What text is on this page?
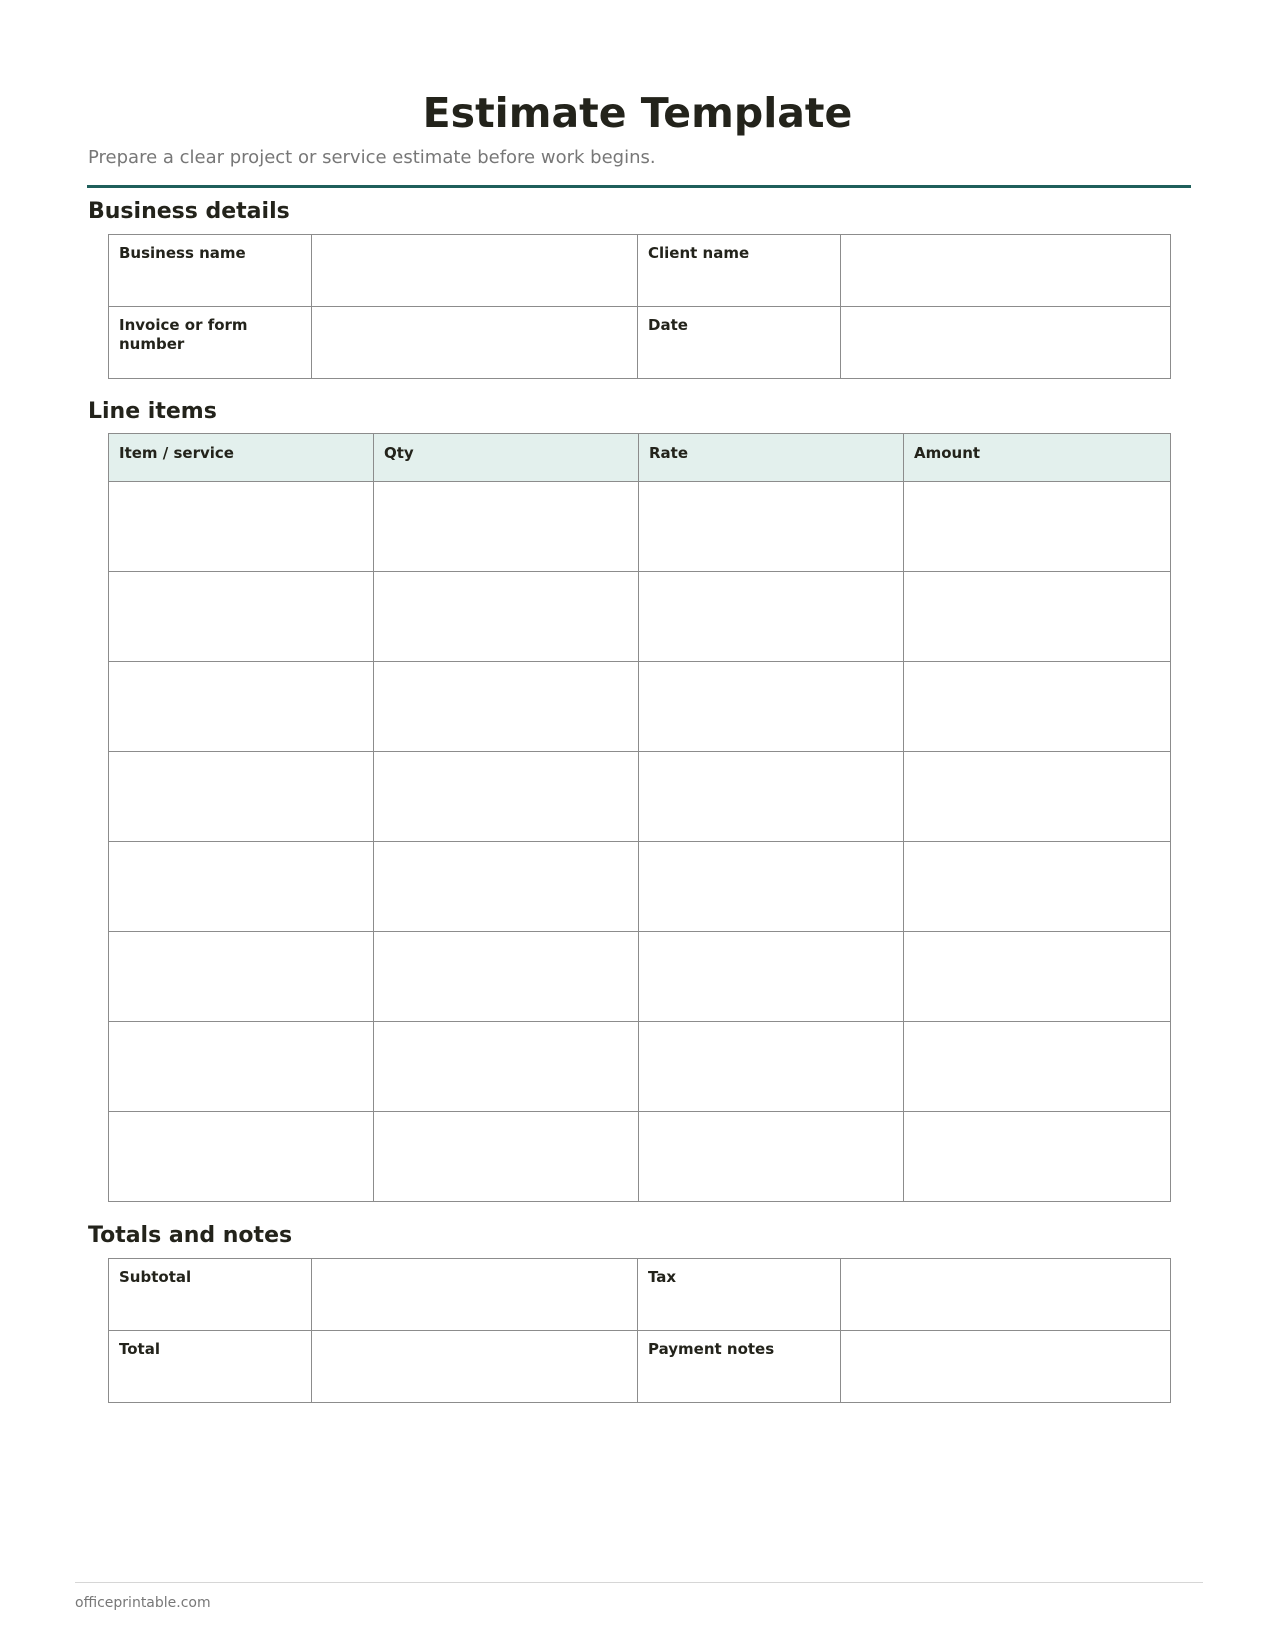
Estimate Template

Prepare a clear project or service estimate before work begins.

Business details
Business name		Client name	
Invoice or form number		Date	
Line items
Item / service	Qty	Rate	Amount

Totals and notes
Subtotal		Tax	
Total		Payment notes	

officeprintable.com
